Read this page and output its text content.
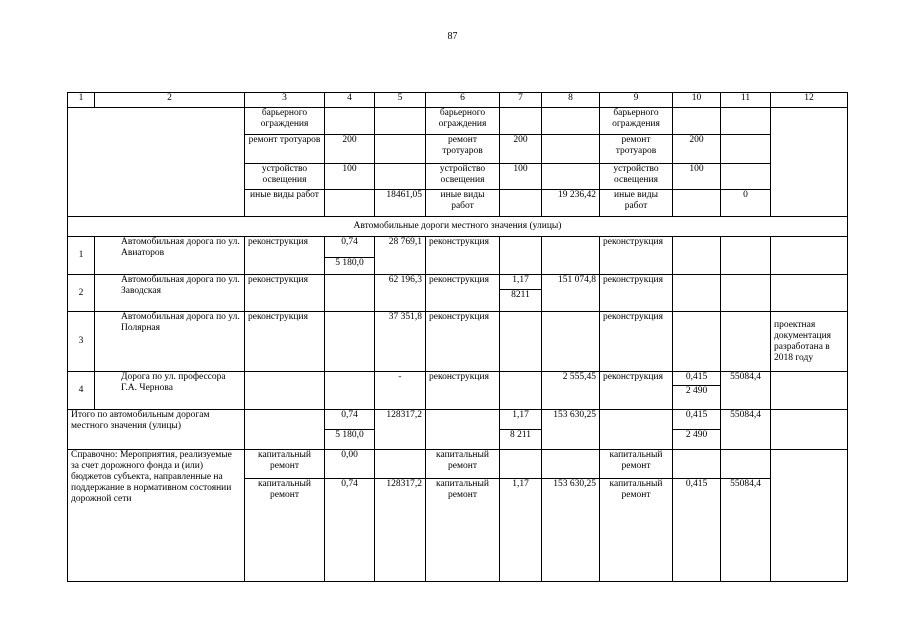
87
1	2	3	4	5	6	7	8	9	10	11	12
		барьерного ограждения			барьерного ограждения			барьерного ограждения			
		ремонт тротуаров	200		ремонт тротуаров	200		ремонт тротуаров	200		
		устройство освещения	100		устройство освещения	100		устройство освещения	100		
		иные виды работ		18461,05	иные виды работ		19 236,42	иные виды работ		0	
Автомобильные дороги местного значения (улицы)											
1	Автомобильная дорога по ул. Авиаторов	реконструкция	0,74	28 769,1	реконструкция			реконструкция			
			5 180,0								
2	Автомобильная дорога по ул. Заводская	реконструкция		62 196,3	реконструкция	1,17	151 074,8	реконструкция			
						8211					
3	Автомобильная дорога по ул. Полярная	реконструкция		37 351,8	реконструкция			реконструкция			проектная документация разработана в 2018 году
4	Дорога по ул. профессора Г.А. Чернова			-	реконструкция		2 555,45	реконструкция	0,415	55084,4	
									2 490		
Итого по автомобильным дорогам местного значения (улицы)			0,74	128317,2		1,17	153 630,25		0,415	55084,4	
			5 180,0			8 211			2 490		
Справочно: Мероприятия, реализуемые за счет дорожного фонда и (или) бюджетов субъекта, направленные на поддержание в нормативном состоянии дорожной сети		капитальный ремонт	0,00		капитальный ремонт			капитальный ремонт			
		капитальный ремонт	0,74	128317,2	капитальный ремонт	1,17	153 630,25	капитальный ремонт	0,415	55084,4	
